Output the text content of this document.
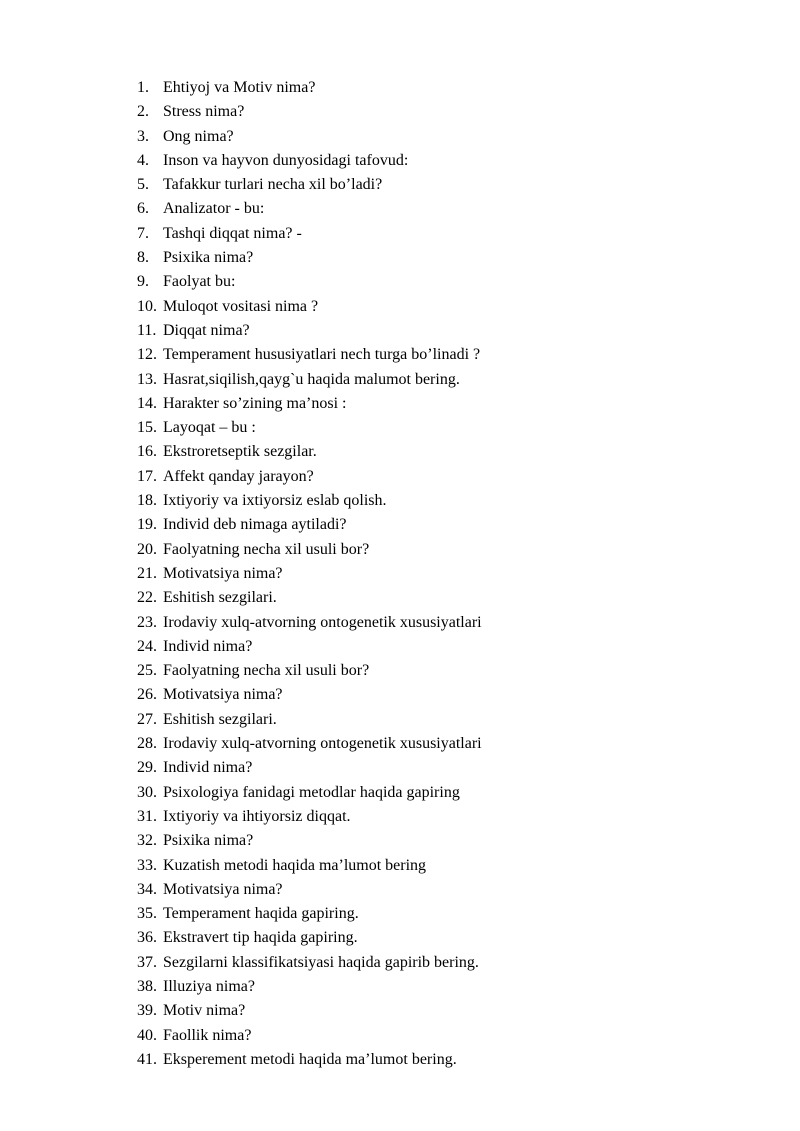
1. Ehtiyoj va Motiv nima?
2. Stress nima?
3. Ong nima?
4. Inson va hayvon dunyosidagi tafovud:
5. Tafakkur turlari necha xil bo’ladi?
6. Analizator - bu:
7. Tashqi diqqat nima? -
8. Psixika nima?
9. Faolyat bu:
10. Muloqot vositasi nima ?
11. Diqqat nima?
12. Temperament hususiyatlari nech turga bo’linadi ?
13. Hasrat,siqilish,qayg`u haqida malumot bering.
14. Harakter so’zining ma’nosi :
15. Layoqat – bu :
16. Ekstroretseptik sezgilar.
17. Affekt qanday jarayon?
18. Ixtiyoriy va ixtiyorsiz eslab qolish.
19. Individ deb nimaga aytiladi?
20. Faolyatning necha xil usuli bor?
21. Motivatsiya nima?
22. Eshitish sezgilari.
23. Irodaviy xulq-atvorning ontogenetik xususiyatlari
24. Individ nima?
25. Faolyatning necha xil usuli bor?
26. Motivatsiya nima?
27. Eshitish sezgilari.
28. Irodaviy xulq-atvorning ontogenetik xususiyatlari
29. Individ nima?
30. Psixologiya fanidagi metodlar haqida gapiring
31. Ixtiyoriy va ihtiyorsiz diqqat.
32. Psixika nima?
33. Kuzatish metodi haqida ma’lumot bering
34. Motivatsiya nima?
35. Temperament haqida gapiring.
36. Ekstravert tip haqida gapiring.
37. Sezgilarni klassifikatsiyasi haqida gapirib bering.
38. Illuziya nima?
39. Motiv nima?
40. Faollik nima?
41. Eksperement metodi haqida ma’lumot bering.
